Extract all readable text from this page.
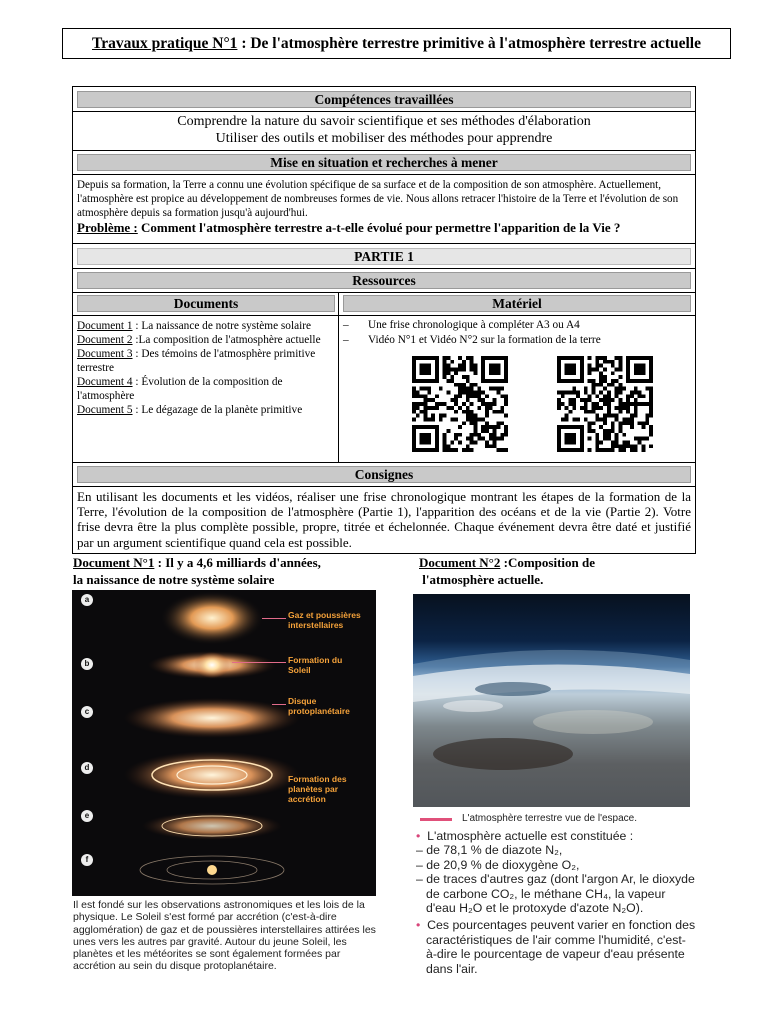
Travaux pratique N°1 : De l'atmosphère terrestre primitive à l'atmosphère terrestre actuelle
Compétences travaillées
Comprendre la nature du savoir scientifique et ses méthodes d'élaboration
Utiliser des outils et mobiliser des méthodes pour apprendre
Mise en situation et recherches à mener
Depuis sa formation, la Terre a connu une évolution spécifique de sa surface et de la composition de son atmosphère. Actuellement, l'atmosphère est propice au développement de nombreuses formes de vie. Nous allons retracer l'histoire de la Terre et l'évolution de son atmosphère depuis sa formation jusqu'à aujourd'hui.
Problème : Comment l'atmosphère terrestre a-t-elle évolué pour permettre l'apparition de la Vie ?
PARTIE 1
Ressources
Documents	Matériel
Document 1 : La naissance de notre système solaire
Document 2 :La composition de l'atmosphère actuelle
Document 3 : Des témoins de l'atmosphère primitive terrestre
Document 4 : Évolution de la composition de l'atmosphère
Document 5 : Le dégazage de la planète primitive
–	Une frise chronologique à compléter A3 ou A4
–	Vidéo N°1 et Vidéo N°2 sur la formation de la terre
Consignes
En utilisant les documents et les vidéos, réaliser une frise chronologique montrant les étapes de la formation de la Terre, l'évolution de la composition de l'atmosphère (Partie 1), l'apparition des océans et de la vie (Partie 2). Votre frise devra être la plus complète possible, propre, titrée et échelonnée. Chaque événement devra être daté et justifié par un argument scientifique quand cela est possible.
Document N°1 : Il y a 4,6 milliards d'années,
la naissance de notre système solaire
Document N°2 :Composition de
l'atmosphère actuelle.
a
b
c
d
e
f
Gaz et poussières interstellaires
Formation du Soleil
Disque protoplanétaire
Formation des planètes par accrétion
Il est fondé sur les observations astronomiques et les lois de la physique. Le Soleil s'est formé par accrétion (c'est-à-dire agglomération) de gaz et de poussières interstellaires attirées les unes vers les autres par gravité. Autour du jeune Soleil, les planètes et les météorites se sont également formées par accrétion au sein du disque protoplanétaire.
L'atmosphère terrestre vue de l'espace.
• L'atmosphère actuelle est constituée :
– de 78,1 % de diazote N₂,
– de 20,9 % de dioxygène O₂,
– de traces d'autres gaz (dont l'argon Ar, le dioxyde de carbone CO₂, le méthane CH₄, la vapeur d'eau H₂O et le protoxyde d'azote N₂O).
• Ces pourcentages peuvent varier en fonction des caractéristiques de l'air comme l'humidité, c'est-à-dire le pourcentage de vapeur d'eau présente dans l'air.
